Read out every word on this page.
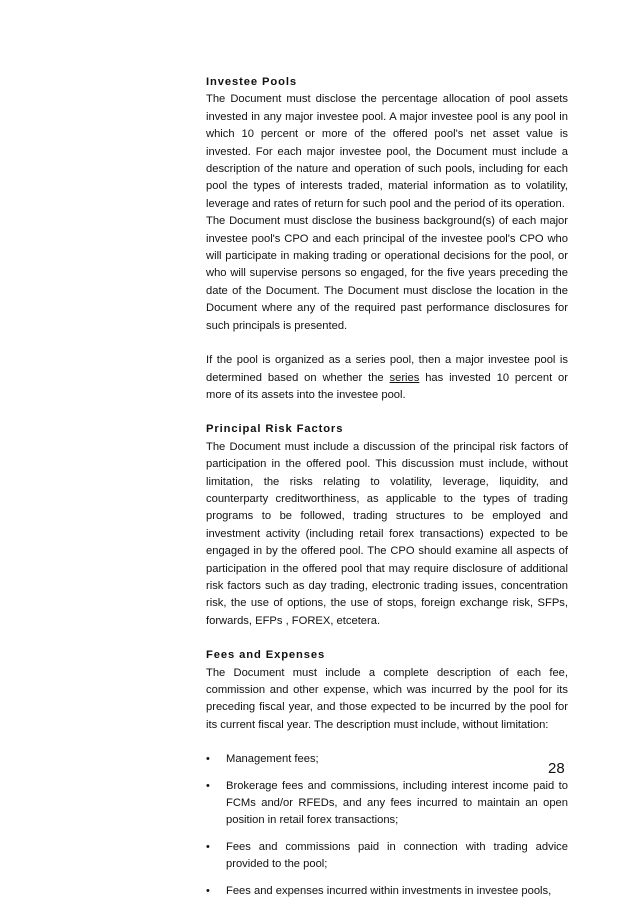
Investee Pools

The Document must disclose the percentage allocation of pool assets invested in any major investee pool. A major investee pool is any pool in which 10 percent or more of the offered pool's net asset value is invested. For each major investee pool, the Document must include a description of the nature and operation of such pools, including for each pool the types of interests traded, material information as to volatility, leverage and rates of return for such pool and the period of its operation.

The Document must disclose the business background(s) of each major investee pool's CPO and each principal of the investee pool's CPO who will participate in making trading or operational decisions for the pool, or who will supervise persons so engaged, for the five years preceding the date of the Document. The Document must disclose the location in the Document where any of the required past performance disclosures for such principals is presented.

If the pool is organized as a series pool, then a major investee pool is determined based on whether the series has invested 10 percent or more of its assets into the investee pool.

Principal Risk Factors

The Document must include a discussion of the principal risk factors of participation in the offered pool. This discussion must include, without limitation, the risks relating to volatility, leverage, liquidity, and counterparty creditworthiness, as applicable to the types of trading programs to be followed, trading structures to be employed and investment activity (including retail forex transactions) expected to be engaged in by the offered pool. The CPO should examine all aspects of participation in the offered pool that may require disclosure of additional risk factors such as day trading, electronic trading issues, concentration risk, the use of options, the use of stops, foreign exchange risk, SFPs, forwards, EFPs , FOREX, etcetera.

Fees and Expenses

The Document must include a complete description of each fee, commission and other expense, which was incurred by the pool for its preceding fiscal year, and those expected to be incurred by the pool for its current fiscal year. The description must include, without limitation:

• Management fees;
• Brokerage fees and commissions, including interest income paid to FCMs and/or RFEDs, and any fees incurred to maintain an open position in retail forex transactions;
• Fees and commissions paid in connection with trading advice provided to the pool;
• Fees and expenses incurred within investments in investee pools,
28
